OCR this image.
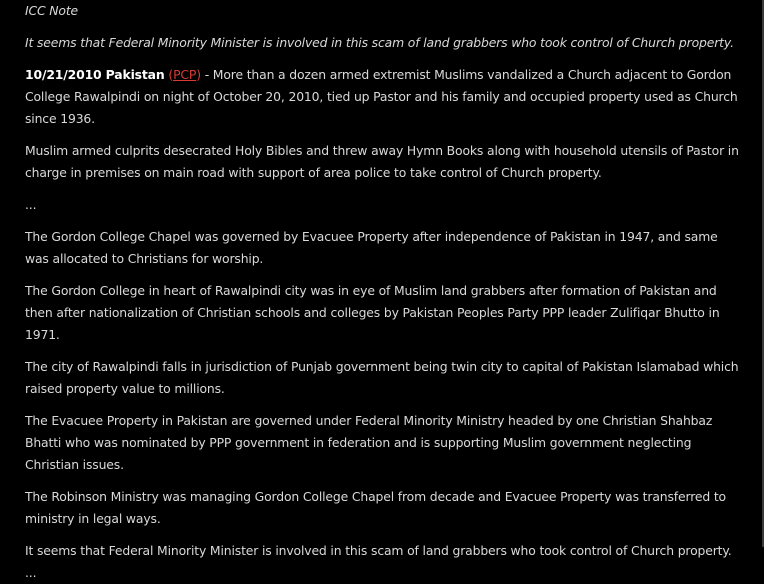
ICC Note

It seems that Federal Minority Minister is involved in this scam of land grabbers who took control of Church property.

10/21/2010 Pakistan (PCP) - More than a dozen armed extremist Muslims vandalized a Church adjacent to Gordon College Rawalpindi on night of October 20, 2010, tied up Pastor and his family and occupied property used as Church since 1936.

Muslim armed culprits desecrated Holy Bibles and threw away Hymn Books along with household utensils of Pastor in charge in premises on main road with support of area police to take control of Church property.

...

The Gordon College Chapel was governed by Evacuee Property after independence of Pakistan in 1947, and same was allocated to Christians for worship.

The Gordon College in heart of Rawalpindi city was in eye of Muslim land grabbers after formation of Pakistan and then after nationalization of Christian schools and colleges by Pakistan Peoples Party PPP leader Zulifiqar Bhutto in 1971.

The city of Rawalpindi falls in jurisdiction of Punjab government being twin city to capital of Pakistan Islamabad which raised property value to millions.

The Evacuee Property in Pakistan are governed under Federal Minority Ministry headed by one Christian Shahbaz Bhatti who was nominated by PPP government in federation and is supporting Muslim government neglecting Christian issues.

The Robinson Ministry was managing Gordon College Chapel from decade and Evacuee Property was transferred to ministry in legal ways.

It seems that Federal Minority Minister is involved in this scam of land grabbers who took control of Church property.

...
